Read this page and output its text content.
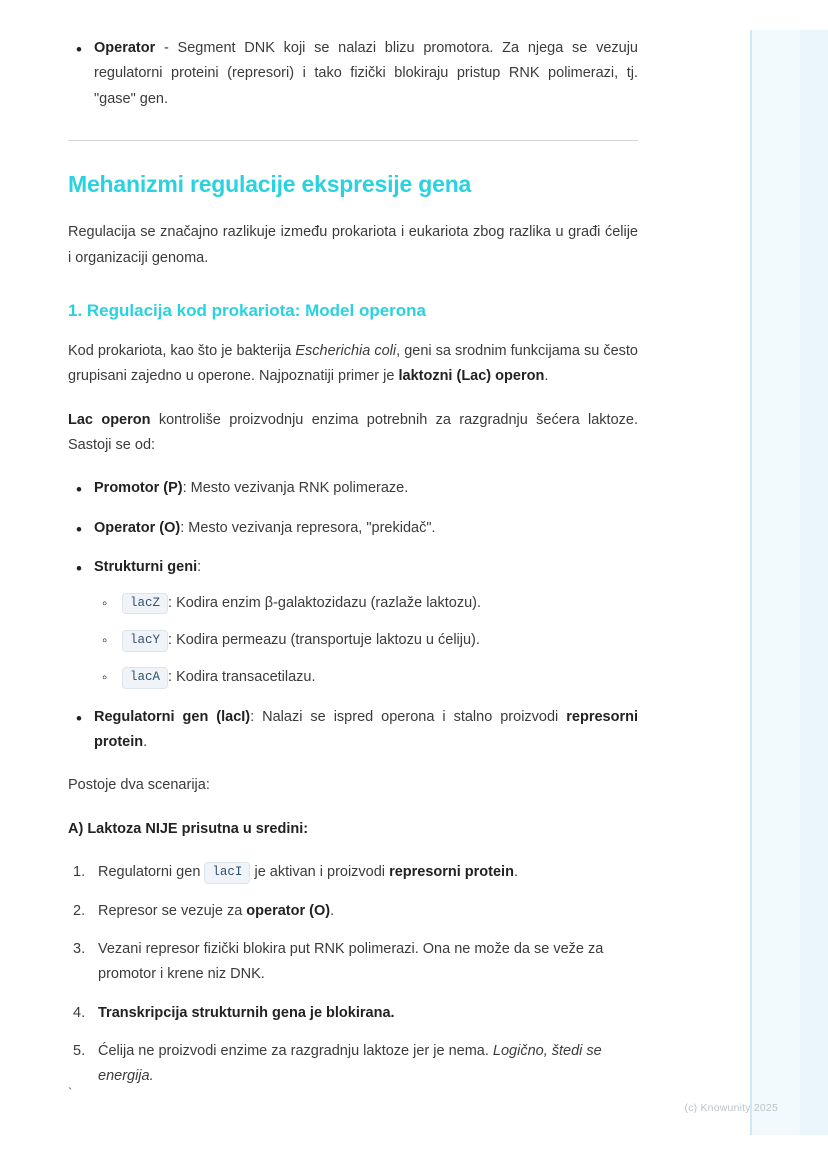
• Operator - Segment DNK koji se nalazi blizu promotora. Za njega se vezuju regulatorni proteini (represori) i tako fizički blokiraju pristup RNK polimerazi, tj. "gase" gen.
Mehanizmi regulacije ekspresije gena

Regulacija se značajno razlikuje između prokariota i eukariota zbog razlika u građi ćelije i organizaciji genoma.

1. Regulacija kod prokariota: Model operona

Kod prokariota, kao što je bakterija Escherichia coli, geni sa srodnim funkcijama su često grupisani zajedno u operone. Najpoznatiji primer je laktozni (Lac) operon.

Lac operon kontroliše proizvodnju enzima potrebnih za razgradnju šećera laktoze. Sastoji se od:

• Promotor (P): Mesto vezivanja RNK polimeraze.
• Operator (O): Mesto vezivanja represora, "prekidač".
• Strukturni geni:
◦ lacZ : Kodira enzim β-galaktozidazu (razlaže laktozu).
◦ lacY : Kodira permeazu (transportuje laktozu u ćeliju).
◦ lacA : Kodira transacetilazu.
• Regulatorni gen (lacI): Nalazi se ispred operona i stalno proizvodi represorni protein.

Postoje dva scenarija:

A) Laktoza NIJE prisutna u sredini:

Regulatorni gen lacI je aktivan i proizvodi represorni protein.
Represor se vezuje za operator (O).
Vezani represor fizički blokira put RNK polimerazi. Ona ne može da se veže za promotor i krene niz DNK.
Transkripcija strukturnih gena je blokirana.
Ćelija ne proizvodi enzime za razgradnju laktoze jer je nema. Logično, štedi se energija.
`
(c) Knowunity 2025
